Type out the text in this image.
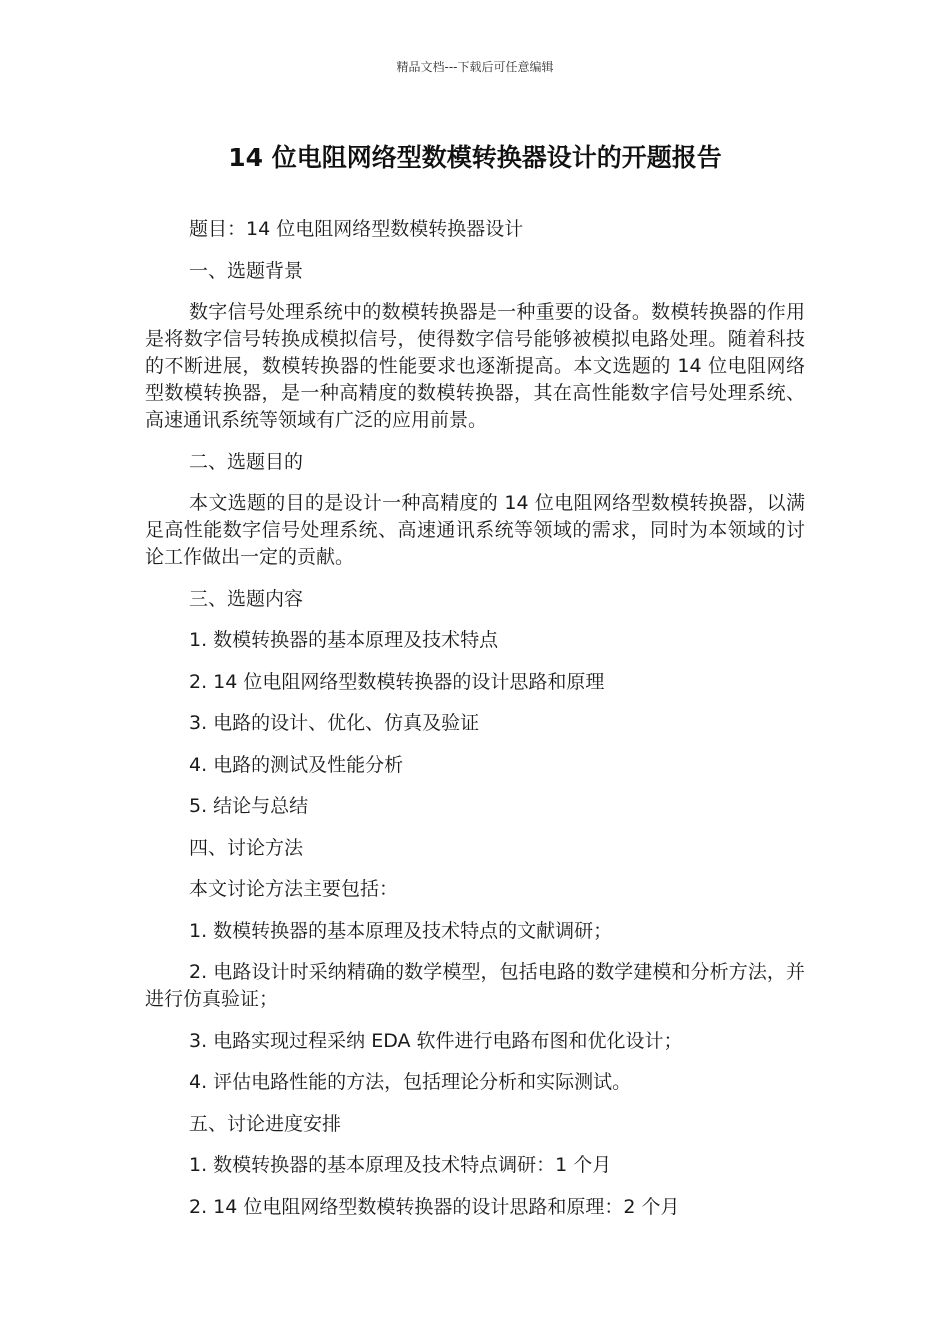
精品文档---下载后可任意编辑
14 位电阻网络型数模转换器设计的开题报告

题目：14 位电阻网络型数模转换器设计

一、选题背景

数字信号处理系统中的数模转换器是一种重要的设备。数模转换器的作用是将数字信号转换成模拟信号，使得数字信号能够被模拟电路处理。随着科技的不断进展，数模转换器的性能要求也逐渐提高。本文选题的 14 位电阻网络型数模转换器，是一种高精度的数模转换器，其在高性能数字信号处理系统、高速通讯系统等领域有广泛的应用前景。

二、选题目的

本文选题的目的是设计一种高精度的 14 位电阻网络型数模转换器，以满足高性能数字信号处理系统、高速通讯系统等领域的需求，同时为本领域的讨论工作做出一定的贡献。

三、选题内容

1. 数模转换器的基本原理及技术特点

2. 14 位电阻网络型数模转换器的设计思路和原理

3. 电路的设计、优化、仿真及验证

4. 电路的测试及性能分析

5. 结论与总结

四、讨论方法

本文讨论方法主要包括：

1. 数模转换器的基本原理及技术特点的文献调研；

2. 电路设计时采纳精确的数学模型，包括电路的数学建模和分析方法，并进行仿真验证；

3. 电路实现过程采纳 EDA 软件进行电路布图和优化设计；

4. 评估电路性能的方法，包括理论分析和实际测试。

五、讨论进度安排

1. 数模转换器的基本原理及技术特点调研：1 个月

2. 14 位电阻网络型数模转换器的设计思路和原理：2 个月
